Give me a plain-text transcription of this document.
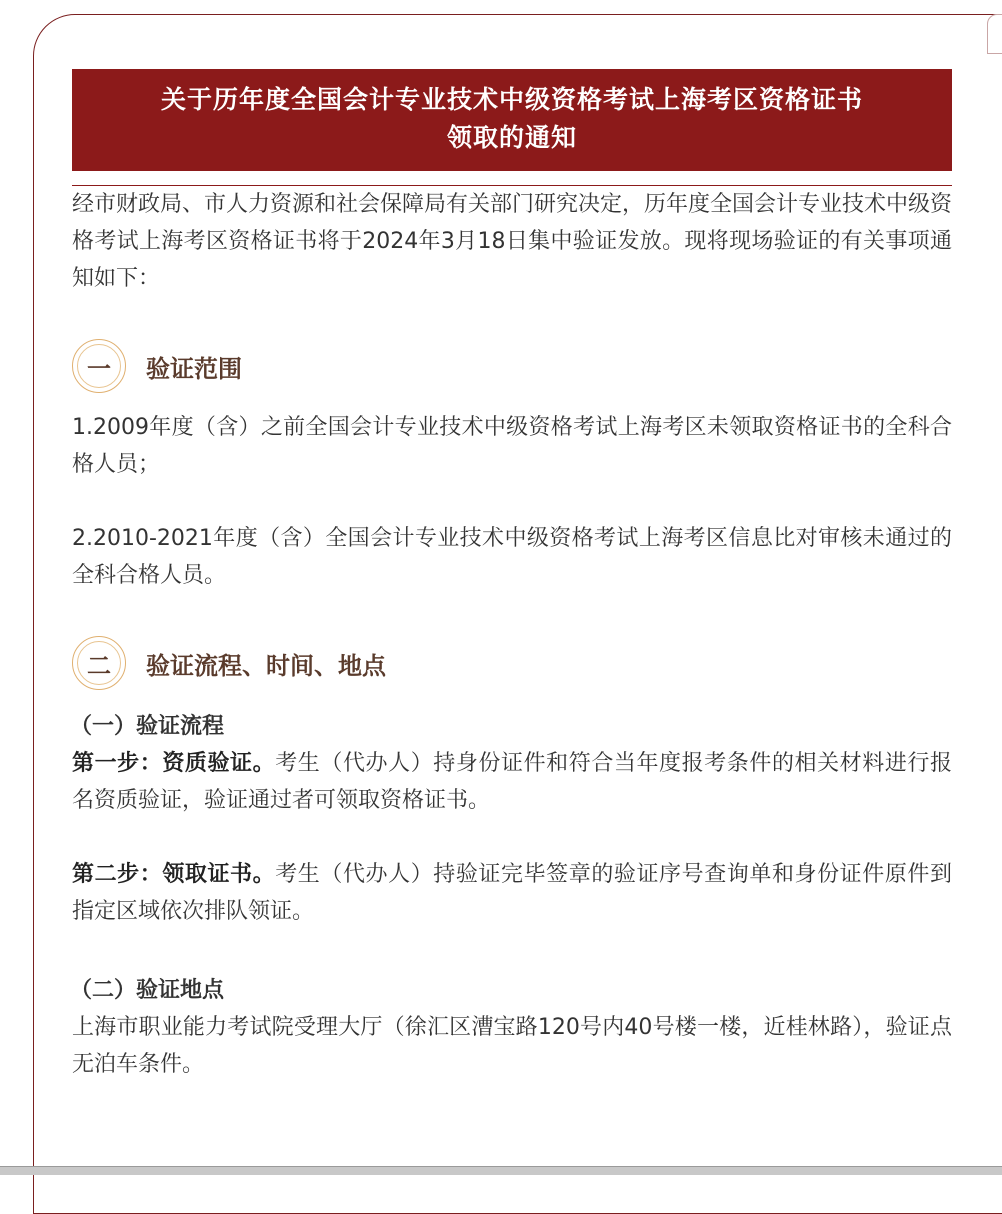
关于历年度全国会计专业技术中级资格考试上海考区资格证书
领取的通知

经市财政局、市人力资源和社会保障局有关部门研究决定，历年度全国会计专业技术中级资格考试上海考区资格证书将于2024年3月18日集中验证发放。现将现场验证的有关事项通知如下：

一	验证范围

1.2009年度（含）之前全国会计专业技术中级资格考试上海考区未领取资格证书的全科合格人员；

2.2010-2021年度（含）全国会计专业技术中级资格考试上海考区信息比对审核未通过的全科合格人员。

二	验证流程、时间、地点

（一）验证流程

第一步：资质验证。考生（代办人）持身份证件和符合当年度报考条件的相关材料进行报名资质验证，验证通过者可领取资格证书。

第二步：领取证书。考生（代办人）持验证完毕签章的验证序号查询单和身份证件原件到指定区域依次排队领证。

（二）验证地点

上海市职业能力考试院受理大厅（徐汇区漕宝路120号内40号楼一楼，近桂林路），验证点无泊车条件。
